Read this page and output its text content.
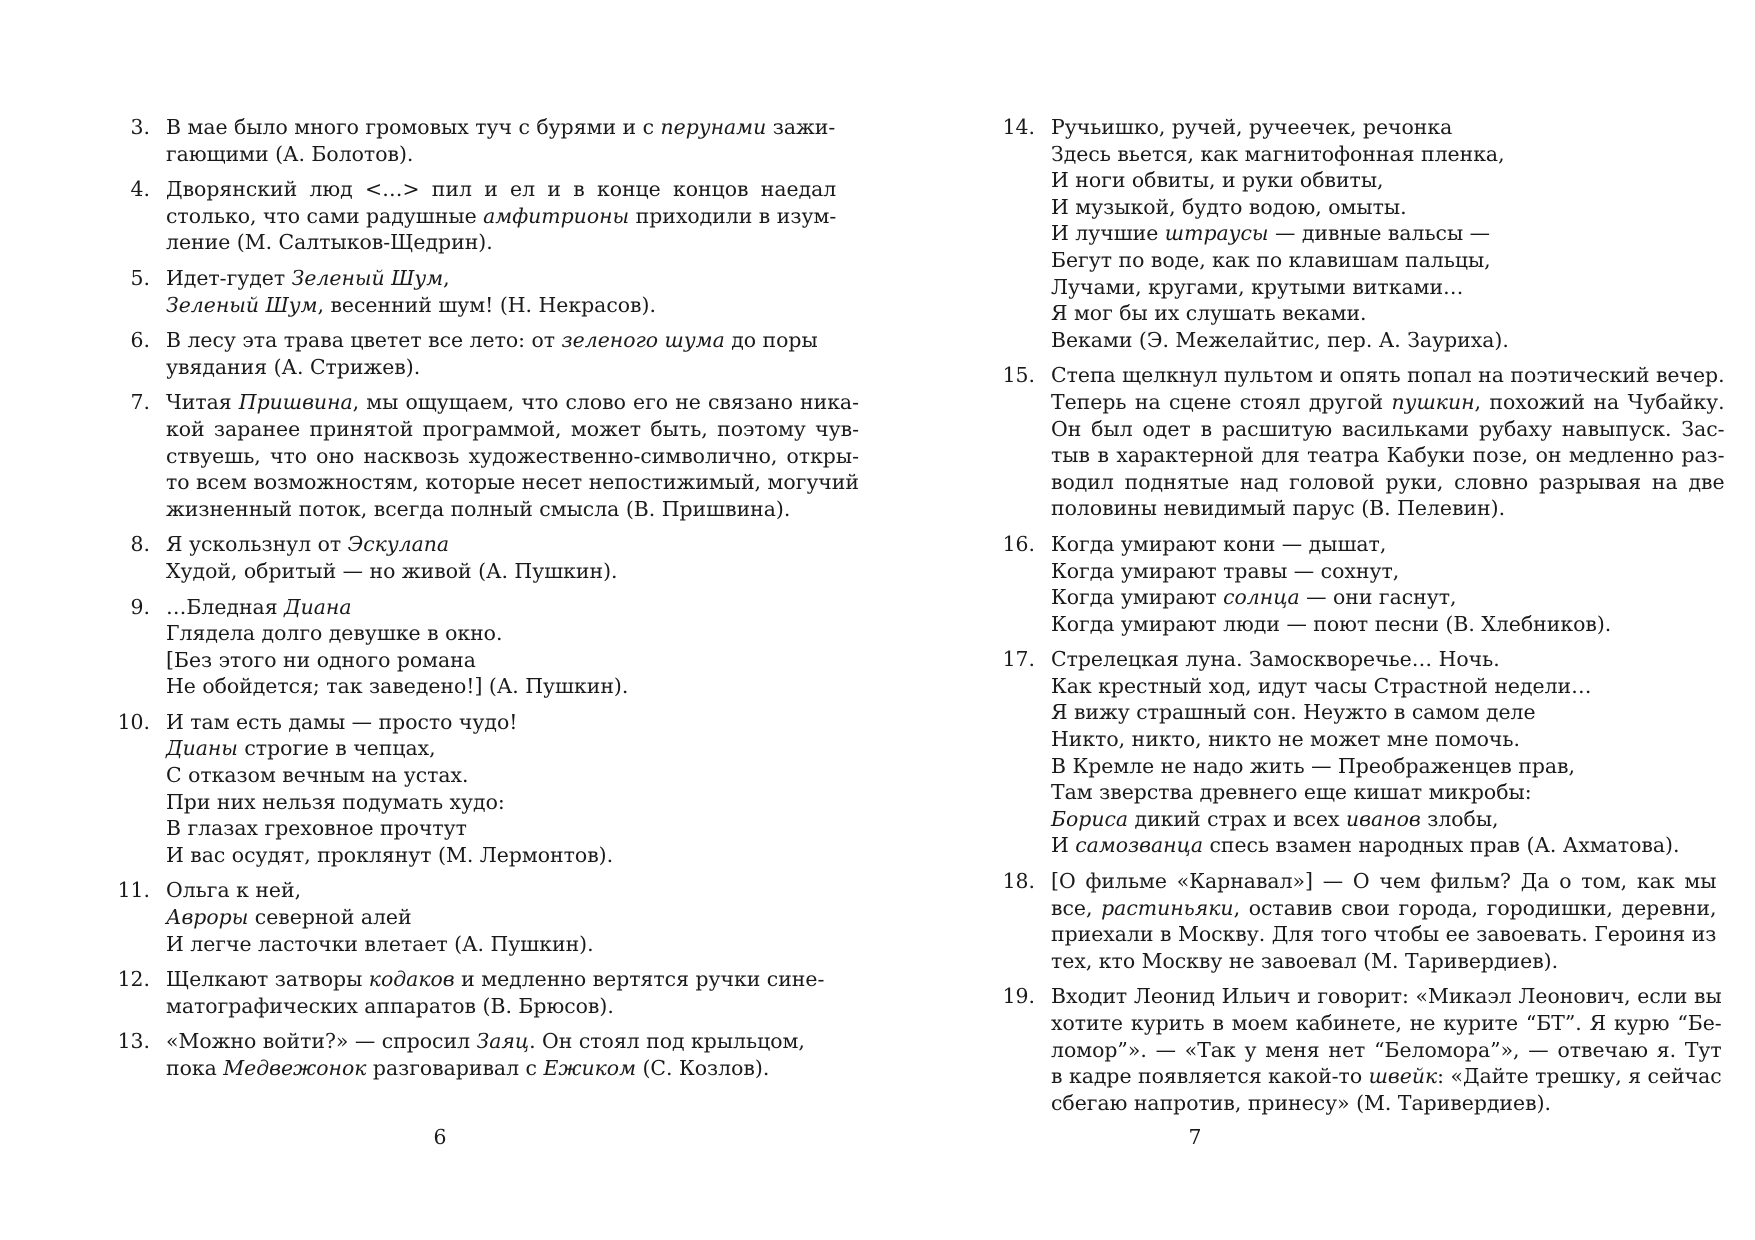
3. В мае было много громовых туч с бурями и с перунами зажи-
гающими (А. Болотов).
4. Дворянский люд <…> пил и ел и в конце концов наедал
столько, что сами радушные амфитрионы приходили в изум-
ление (М. Салтыков-Щедрин).
5. Идет-гудет Зеленый Шум,
Зеленый Шум, весенний шум! (Н. Некрасов).
6. В лесу эта трава цветет все лето: от зеленого шума до поры
увядания (А. Стрижев).
7. Читая Пришвина, мы ощущаем, что слово его не связано ника-
кой заранее принятой программой, может быть, поэтому чув-
ствуешь, что оно насквозь художественно-символично, откры-
то всем возможностям, которые несет непостижимый, могучий
жизненный поток, всегда полный смысла (В. Пришвина).
8. Я ускользнул от Эскулапа
Худой, обритый — но живой (А. Пушкин).
9. …Бледная Диана
Глядела долго девушке в окно.
[Без этого ни одного романа
Не обойдется; так заведено!] (А. Пушкин).
10. И там есть дамы — просто чудо!
Дианы строгие в чепцах,
С отказом вечным на устах.
При них нельзя подумать худо:
В глазах греховное прочтут
И вас осудят, проклянут (М. Лермонтов).
11. Ольга к ней,
Авроры северной алей
И легче ласточки влетает (А. Пушкин).
12. Щелкают затворы кодаков и медленно вертятся ручки сине-
матографических аппаратов (В. Брюсов).
13. «Можно войти?» — спросил Заяц. Он стоял под крыльцом,
пока Медвежонок разговаривал с Ежиком (С. Козлов).
6
14. Ручьишко, ручей, ручеечек, речонка
Здесь вьется, как магнитофонная пленка,
И ноги обвиты, и руки обвиты,
И музыкой, будто водою, омыты.
И лучшие штраусы — дивные вальсы —
Бегут по воде, как по клавишам пальцы,
Лучами, кругами, крутыми витками…
Я мог бы их слушать веками.
Веками (Э. Межелайтис, пер. А. Зауриха).
15. Степа щелкнул пультом и опять попал на поэтический вечер.
Теперь на сцене стоял другой пушкин, похожий на Чубайку.
Он был одет в расшитую васильками рубаху навыпуск. Зас-
тыв в характерной для театра Кабуки позе, он медленно раз-
водил поднятые над головой руки, словно разрывая на две
половины невидимый парус (В. Пелевин).
16. Когда умирают кони — дышат,
Когда умирают травы — сохнут,
Когда умирают солнца — они гаснут,
Когда умирают люди — поют песни (В. Хлебников).
17. Стрелецкая луна. Замоскворечье… Ночь.
Как крестный ход, идут часы Страстной недели…
Я вижу страшный сон. Неужто в самом деле
Никто, никто, никто не может мне помочь.
В Кремле не надо жить — Преображенцев прав,
Там зверства древнего еще кишат микробы:
Бориса дикий страх и всех иванов злобы,
И самозванца спесь взамен народных прав (А. Ахматова).
18. [О фильме «Карнавал»] — О чем фильм? Да о том, как мы
все, растиньяки, оставив свои города, городишки, деревни,
приехали в Москву. Для того чтобы ее завоевать. Героиня из
тех, кто Москву не завоевал (М. Таривердиев).
19. Входит Леонид Ильич и говорит: «Микаэл Леонович, если вы
хотите курить в моем кабинете, не курите “БТ”. Я курю “Бе-
ломор”». — «Так у меня нет “Беломора”», — отвечаю я. Тут
в кадре появляется какой-то швейк: «Дайте трешку, я сейчас
сбегаю напротив, принесу» (М. Таривердиев).
7
